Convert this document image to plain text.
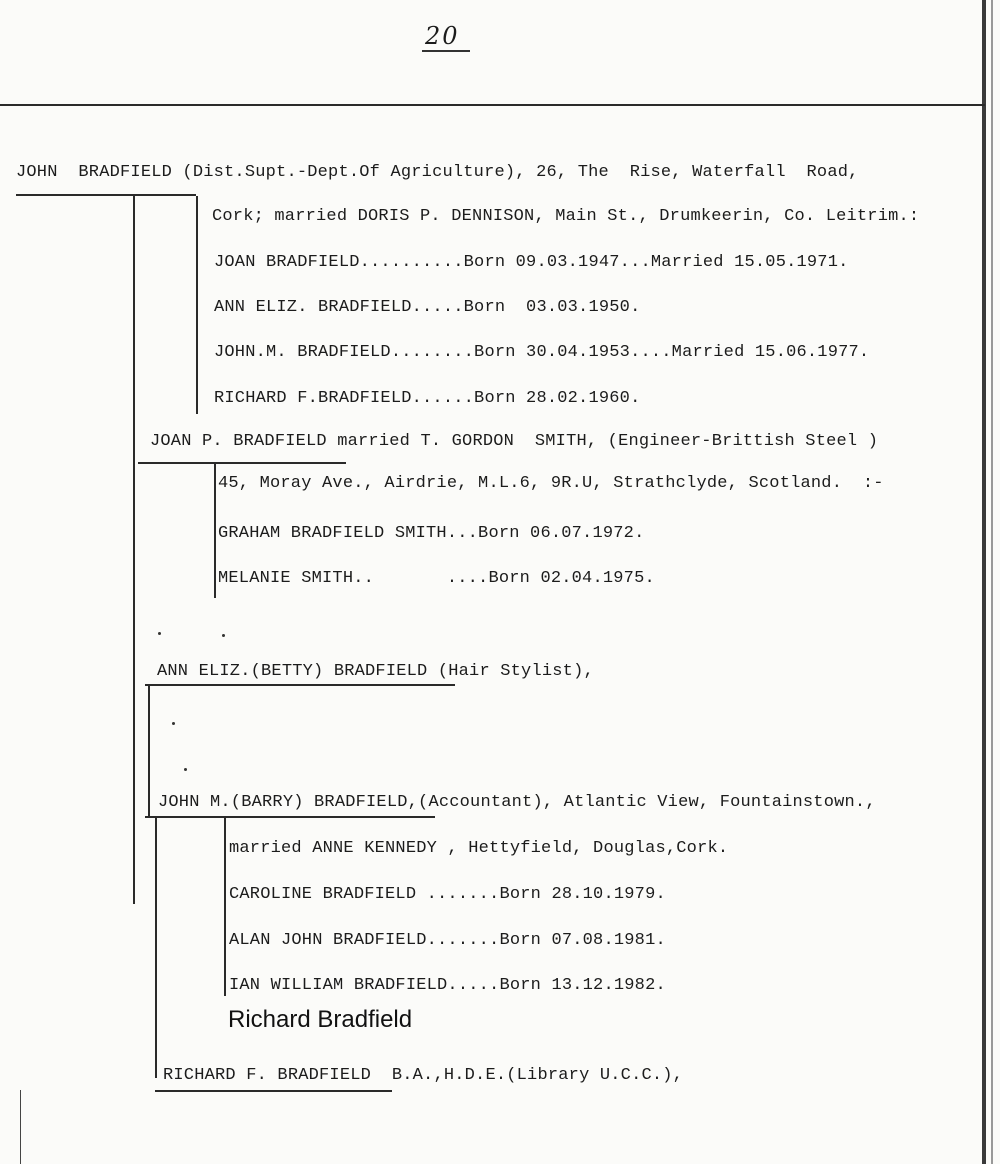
20
JOHN  BRADFIELD (Dist.Supt.-Dept.Of Agriculture), 26, The  Rise, Waterfall  Road,
Cork; married DORIS P. DENNISON, Main St., Drumkeerin, Co. Leitrim.:
JOAN BRADFIELD..........Born 09.03.1947...Married 15.05.1971.
ANN ELIZ. BRADFIELD.....Born  03.03.1950.
JOHN.M. BRADFIELD........Born 30.04.1953....Married 15.06.1977.
RICHARD F.BRADFIELD......Born 28.02.1960.
JOAN P. BRADFIELD married T. GORDON  SMITH, (Engineer-Brittish Steel )
45, Moray Ave., Airdrie, M.L.6, 9R.U, Strathclyde, Scotland.  :-
GRAHAM BRADFIELD SMITH...Born 06.07.1972.
MELANIE SMITH..       ....Born 02.04.1975.
ANN ELIZ.(BETTY) BRADFIELD (Hair Stylist),
JOHN M.(BARRY) BRADFIELD,(Accountant), Atlantic View, Fountainstown.,
married ANNE KENNEDY , Hettyfield, Douglas,Cork.
CAROLINE BRADFIELD .......Born 28.10.1979.
ALAN JOHN BRADFIELD.......Born 07.08.1981.
IAN WILLIAM BRADFIELD.....Born 13.12.1982.
Richard Bradfield
RICHARD F. BRADFIELD  B.A.,H.D.E.(Library U.C.C.),
